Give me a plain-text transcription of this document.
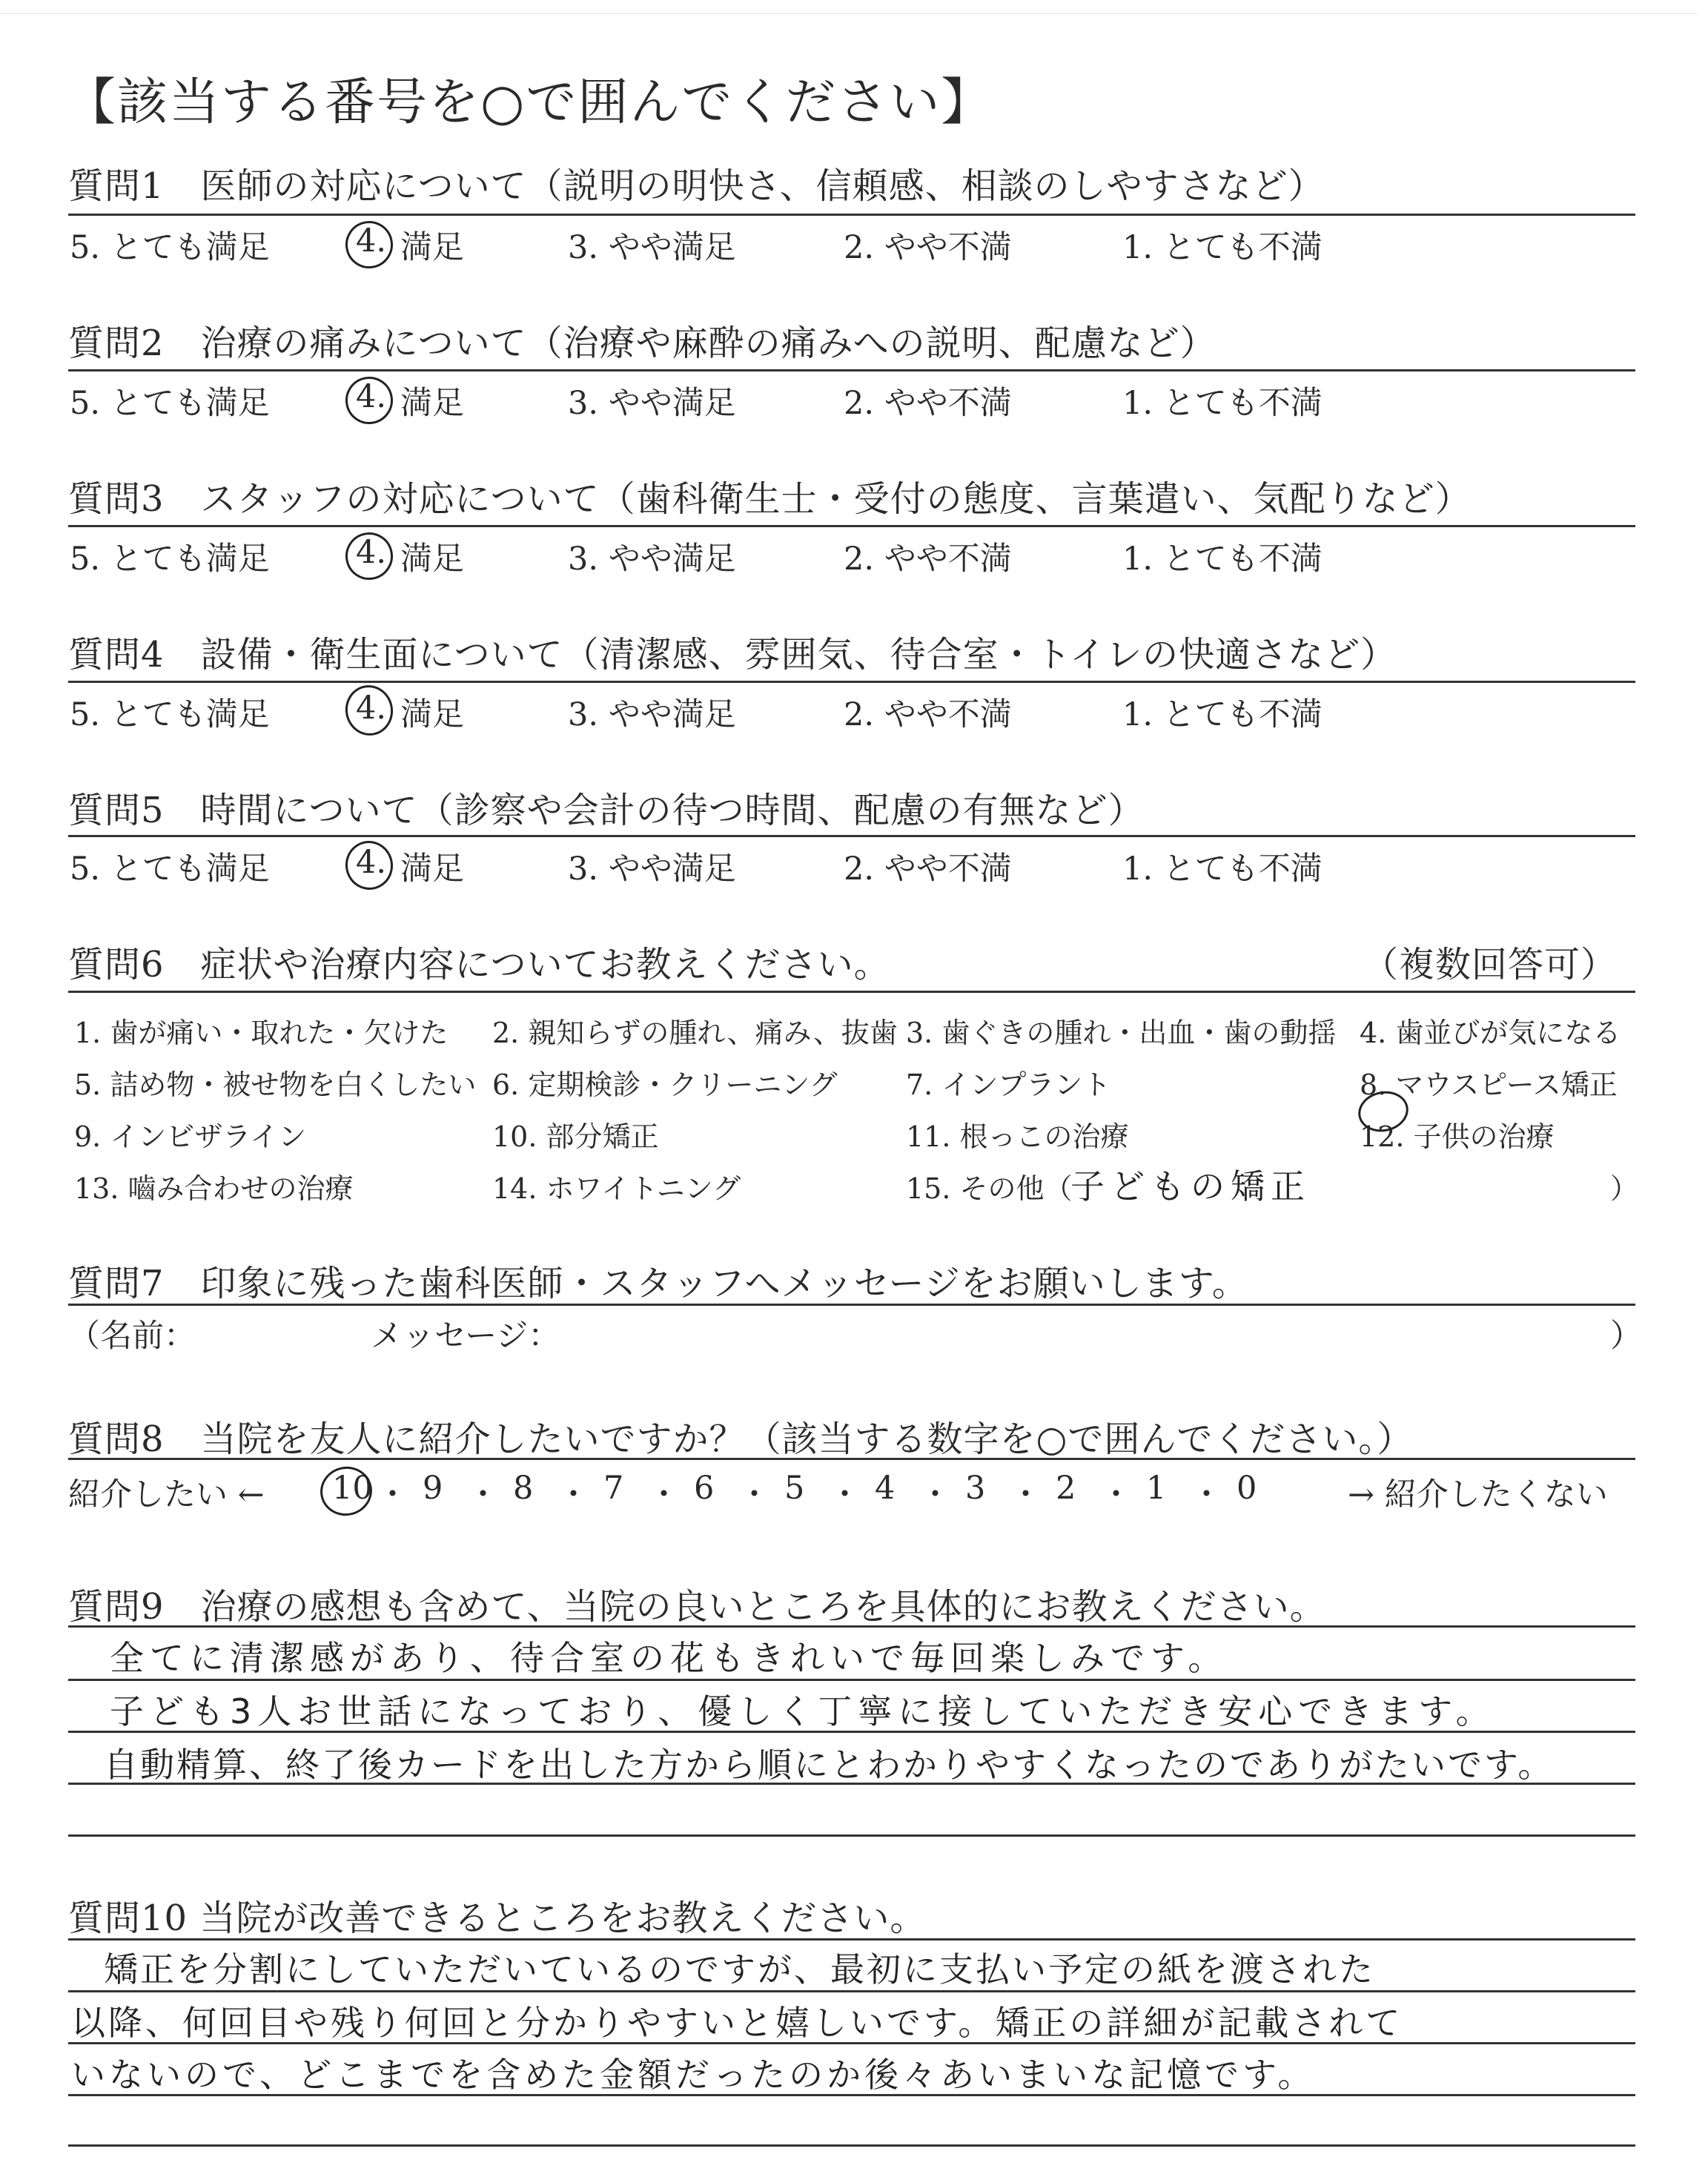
【該当する番号を○で囲んでください】
質問1　医師の対応について（説明の明快さ、信頼感、相談のしやすさなど）
5. とても満足	4. 満足	3. やや満足	2. やや不満	1. とても不満
質問2　治療の痛みについて（治療や麻酔の痛みへの説明、配慮など）
5. とても満足	4. 満足	3. やや満足	2. やや不満	1. とても不満
質問3　スタッフの対応について（歯科衛生士・受付の態度、言葉遣い、気配りなど）
5. とても満足	4. 満足	3. やや満足	2. やや不満	1. とても不満
質問4　設備・衛生面について（清潔感、雰囲気、待合室・トイレの快適さなど）
5. とても満足	4. 満足	3. やや満足	2. やや不満	1. とても不満
質問5　時間について（診察や会計の待つ時間、配慮の有無など）
5. とても満足	4. 満足	3. やや満足	2. やや不満	1. とても不満
質問6　症状や治療内容についてお教えください。	（複数回答可）
1. 歯が痛い・取れた・欠けた 2. 親知らずの腫れ、痛み、抜歯 3. 歯ぐきの腫れ・出血・歯の動揺 4. 歯並びが気になる
5. 詰め物・被せ物を白くしたい 6. 定期検診・クリーニング 7. インプラント	8. マウスピース矯正
9. インビザライン	10. 部分矯正	11. 根っこの治療	12. 子供の治療
13. 嚙み合わせの治療	14. ホワイトニング	15. その他（
子どもの矯正	）
質問7　印象に残った歯科医師・スタッフへメッセージをお願いします。
（名前：	メッセージ：	）
質問8　当院を友人に紹介したいですか？（該当する数字を○で囲んでください。）
紹介したい ← 10 ・ 9 ・ 8 ・ 7 ・ 6 ・ 5 ・ 4 ・ 3 ・ 2 ・ 1 ・ 0	→ 紹介したくない
質問9　治療の感想も含めて、当院の良いところを具体的にお教えください。
全てに清潔感があり、待合室の花もきれいで毎回楽しみです。
子ども3人お世話になっており、優しく丁寧に接していただき安心できます。
自動精算、終了後カードを出した方から順にとわかりやすくなったのでありがたいです。
質問10 当院が改善できるところをお教えください。
矯正を分割にしていただいているのですが、最初に支払い予定の紙を渡された
以降、何回目や残り何回と分かりやすいと嬉しいです。矯正の詳細が記載されて
いないので、どこまでを含めた金額だったのか後々あいまいな記憶です。
